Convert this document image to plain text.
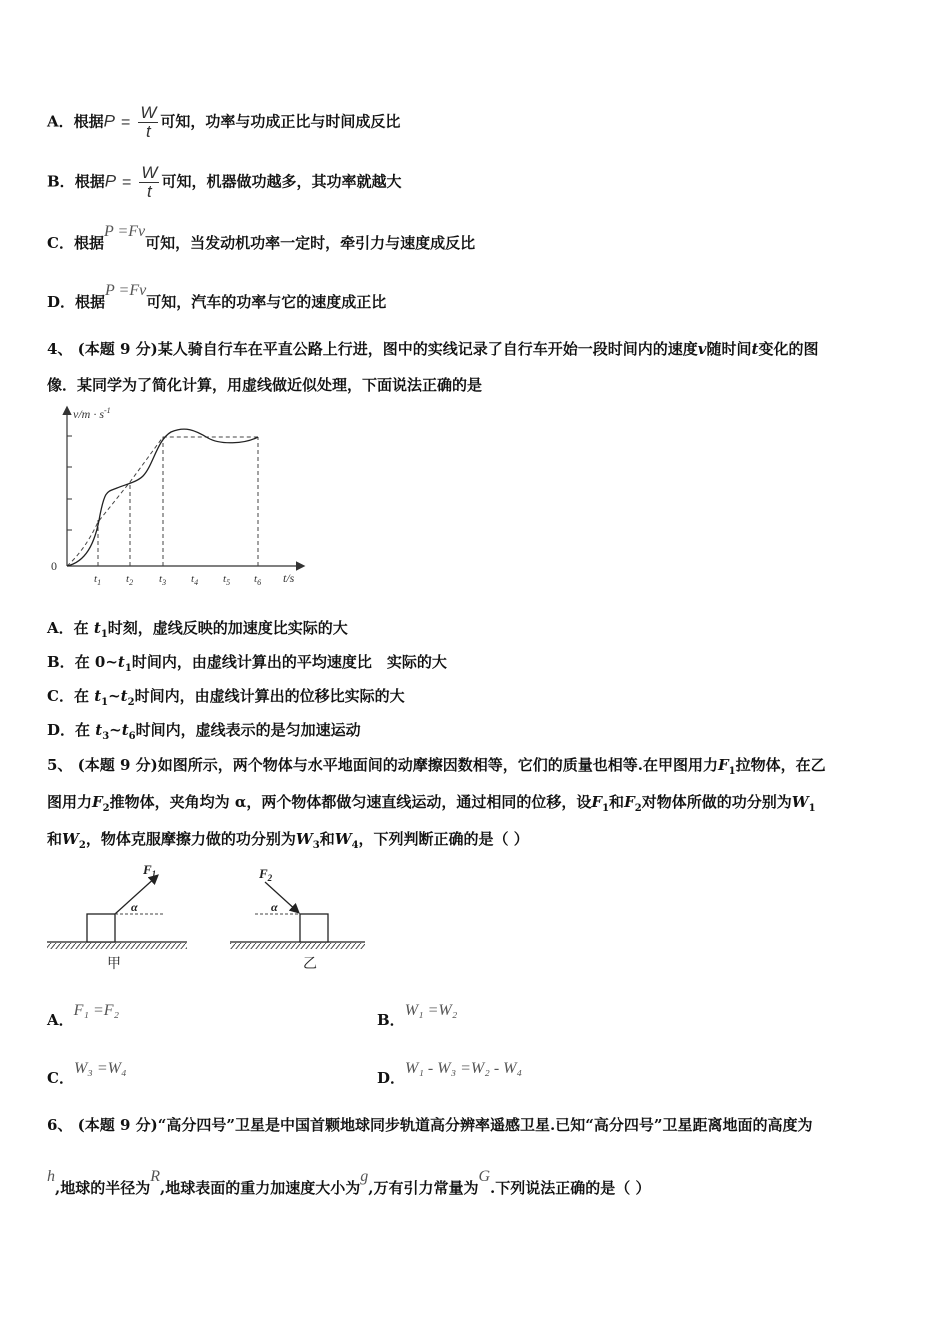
A．根据$P = \frac{W}{t}$ 可知，功率与功成正比与时间成反比
B．根据$P = \frac{W}{t}$ 可知，机器做功越多，其功率就越大
C．根据P =Fv可知，当发动机功率一定时，牵引力与速度成反比
D．根据P =Fv可知，汽车的功率与它的速度成正比
4、 (本题 9 分)某人骑自行车在平直公路上行进，图中的实线记录了自行车开始一段时间内的速度v随时间t变化的图
像．某同学为了简化计算，用虚线做近似处理，下面说法正确的是
$v/m \cdot s^{-1}$
0
t/s
$t_1$ $t_2$ $t_3$ $t_4$ $t_5$ $t_6$
A．在 $t_1$时刻，虚线反映的加速度比实际的大
B．在 $0\sim t_1$时间内，由虚线计算出的平均速度比　实际的大
C．在 $t_1\sim t_2$时间内，由虚线计算出的位移比实际的大
D．在 $t_3\sim t_6$时间内，虚线表示的是匀加速运动
5、 (本题 9 分)如图所示，两个物体与水平地面间的动摩擦因数相等，它们的质量也相等.在甲图用力$F_1$拉物体，在乙
图用力$F_2$推物体，夹角均为 α，两个物体都做匀速直线运动，通过相同的位移，设$F_1$和$F_2$对物体所做的功分别为$W_1$
和$W_2$，物体克服摩擦力做的功分别为$W_3$和$W_4$，下列判断正确的是（ ）
$F_1$
α
甲
$F_2$
α
乙
A．F₁ =F₂
B．W₁ =W₂
C．W₃ =W₄
D．W₁ - W₃ =W₂ - W₄
6、 (本题 9 分)“高分四号”卫星是中国首颗地球同步轨道高分辨率遥感卫星.已知“高分四号”卫星距离地面的高度为
h,地球的半径为R,地球表面的重力加速度大小为g,万有引力常量为G.下列说法正确的是（ ）
